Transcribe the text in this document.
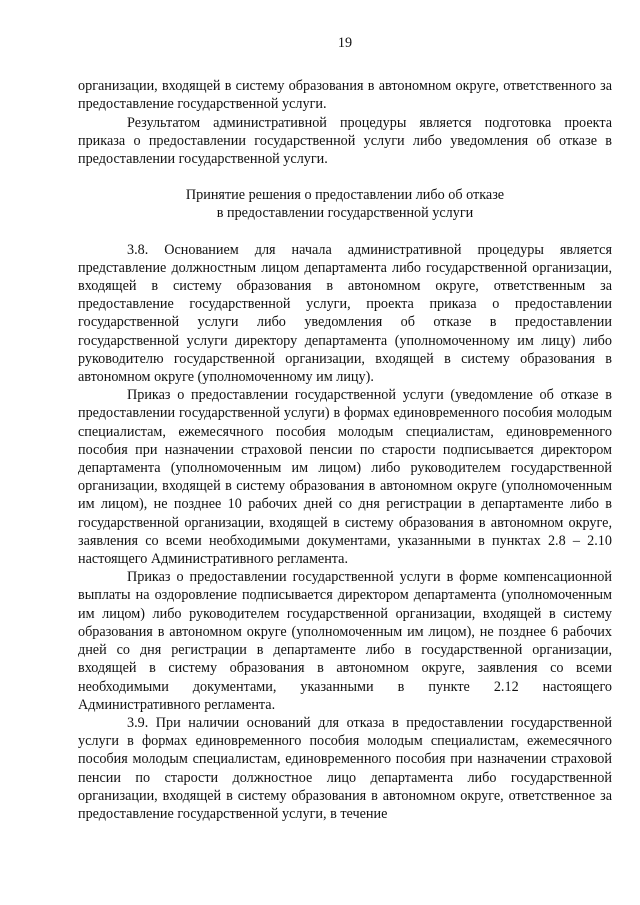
19

организации, входящей в систему образования в автономном округе, ответственного за предоставление государственной услуги.

Результатом административной процедуры является подготовка проекта приказа о предоставлении государственной услуги либо уведомления об отказе в предоставлении государственной услуги.

Принятие решения о предоставлении либо об отказе
в предоставлении государственной услуги

3.8. Основанием для начала административной процедуры является представление должностным лицом департамента либо государственной организации, входящей в систему образования в автономном округе, ответственным за предоставление государственной услуги, проекта приказа о предоставлении государственной услуги либо уведомления об отказе в предоставлении государственной услуги директору департамента (уполномоченному им лицу) либо руководителю государственной организации, входящей в систему образования в автономном округе (уполномоченному им лицу).

Приказ о предоставлении государственной услуги (уведомление об отказе в предоставлении государственной услуги) в формах единовременного пособия молодым специалистам, ежемесячного пособия молодым специалистам, единовременного пособия при назначении страховой пенсии по старости подписывается директором департамента (уполномоченным им лицом) либо руководителем государственной организации, входящей в систему образования в автономном округе (уполномоченным им лицом), не позднее 10 рабочих дней со дня регистрации в департаменте либо в государственной организации, входящей в систему образования в автономном округе, заявления со всеми необходимыми документами, указанными в пунктах 2.8 – 2.10 настоящего Административного регламента.

Приказ о предоставлении государственной услуги в форме компенсационной выплаты на оздоровление подписывается директором департамента (уполномоченным им лицом) либо руководителем государственной организации, входящей в систему образования в автономном округе (уполномоченным им лицом), не позднее 6 рабочих дней со дня регистрации в департаменте либо в государственной организации, входящей в систему образования в автономном округе, заявления со всеми необходимыми документами, указанными в пункте 2.12 настоящего Административного регламента.

3.9. При наличии оснований для отказа в предоставлении государственной услуги в формах единовременного пособия молодым специалистам, ежемесячного пособия молодым специалистам, единовременного пособия при назначении страховой пенсии по старости должностное лицо департамента либо государственной организации, входящей в систему образования в автономном округе, ответственное за предоставление государственной услуги, в течение
